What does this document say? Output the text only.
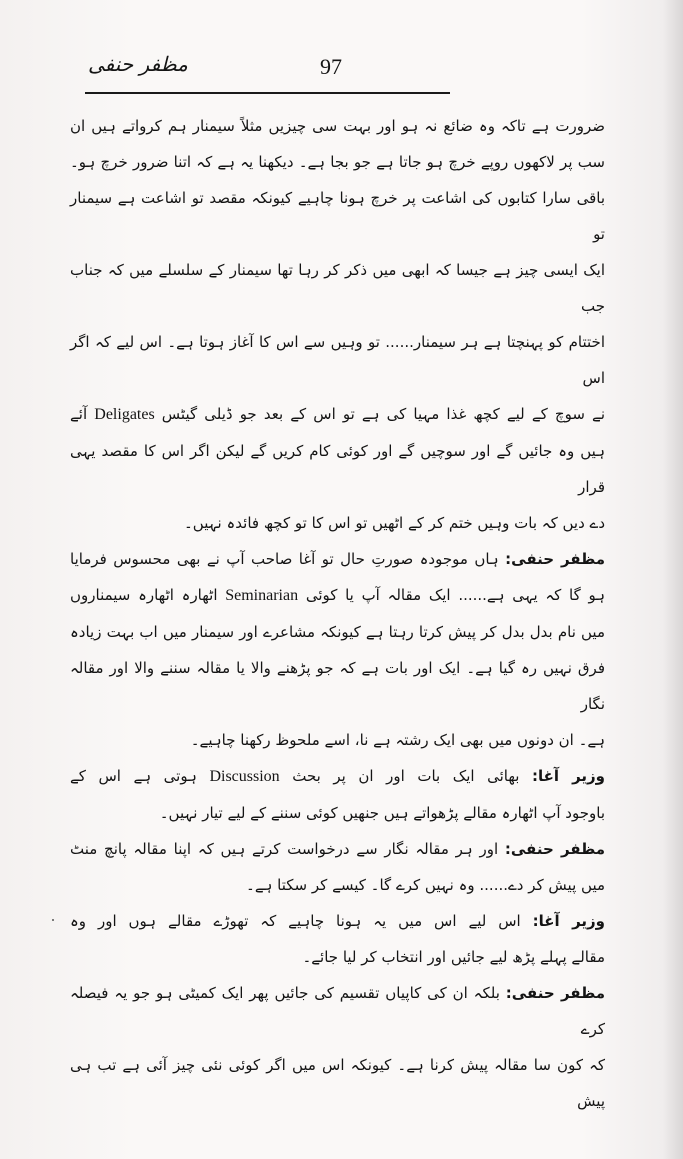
مظفر حنفی	97
ضرورت ہے تاکہ وہ ضائع نہ ہو اور بہت سی چیزیں مثلاً سیمنار ہم کرواتے ہیں ان
سب پر لاکھوں روپے خرچ ہو جاتا ہے جو بجا ہے۔ دیکھنا یہ ہے کہ اتنا ضرور خرچ ہو۔
باقی سارا کتابوں کی اشاعت پر خرچ ہونا چاہیے کیونکہ مقصد تو اشاعت ہے سیمنار تو
ایک ایسی چیز ہے جیسا کہ ابھی میں ذکر کر رہا تھا سیمنار کے سلسلے میں کہ جناب جب
اختتام کو پہنچتا ہے ہر سیمنار...... تو وہیں سے اس کا آغاز ہوتا ہے۔ اس لیے کہ اگر اس
نے سوچ کے لیے کچھ غذا مہیا کی ہے تو اس کے بعد جو ڈیلی گیٹس Deligates آئے
ہیں وہ جائیں گے اور سوچیں گے اور کوئی کام کریں گے لیکن اگر اس کا مقصد یہی قرار
دے دیں کہ بات وہیں ختم کر کے اٹھیں تو اس کا تو کچھ فائدہ نہیں۔
مظفر حنفی: ہاں موجودہ صورتِ حال تو آغا صاحب آپ نے بھی محسوس فرمایا
ہو گا کہ یہی ہے...... ایک مقالہ آپ یا کوئی Seminarian اٹھارہ اٹھارہ سیمناروں
میں نام بدل بدل کر پیش کرتا رہتا ہے کیونکہ مشاعرے اور سیمنار میں اب بہت زیادہ
فرق نہیں رہ گیا ہے۔ ایک اور بات ہے کہ جو پڑھنے والا یا مقالہ سننے والا اور مقالہ نگار
ہے۔ ان دونوں میں بھی ایک رشتہ ہے نا، اسے ملحوظ رکھنا چاہیے۔
وزیر آغا: بھائی ایک بات اور ان پر بحث Discussion ہوتی ہے اس کے
باوجود آپ اٹھارہ مقالے پڑھواتے ہیں جنھیں کوئی سننے کے لیے تیار نہیں۔
مظفر حنفی: اور ہر مقالہ نگار سے درخواست کرتے ہیں کہ اپنا مقالہ پانچ منٹ
میں پیش کر دے...... وہ نہیں کرے گا۔ کیسے کر سکتا ہے۔
وزیر آغا: اس لیے اس میں یہ ہونا چاہیے کہ تھوڑے مقالے ہوں اور وہ
مقالے پہلے پڑھ لیے جائیں اور انتخاب کر لیا جائے۔
مظفر حنفی: بلکہ ان کی کاپیاں تقسیم کی جائیں پھر ایک کمیٹی ہو جو یہ فیصلہ کرے
کہ کون سا مقالہ پیش کرنا ہے۔ کیونکہ اس میں اگر کوئی نئی چیز آئی ہے تب ہی پیش
